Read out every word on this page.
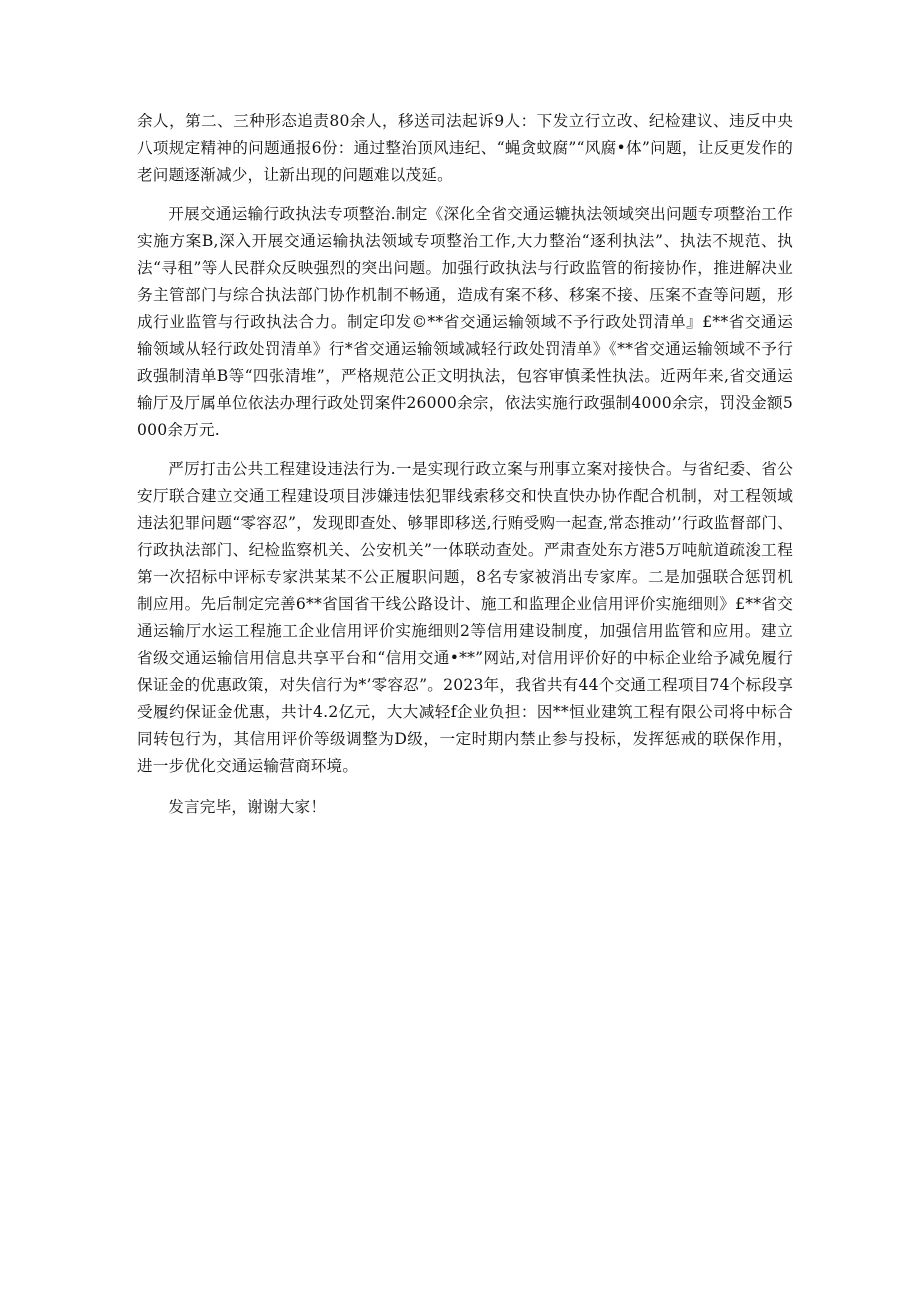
余人，第二、三种形态追责80余人，移送司法起诉9人：下发立行立改、纪检建议、违反中央八项规定精神的问题通报6份：通过整治顶风违纪、“蝇贪蚊腐”“风腐•体”问题，让反更发作的老问题逐渐减少，让新出现的问题难以茂延。

开展交通运输行政执法专项整治.制定《深化全省交通运辘执法领域突出问题专项整治工作实施方案B,深入开展交通运输执法领域专项整治工作,大力整治“逐利执法”、执法不规范、执法“寻租”等人民群众反映强烈的突出问题。加强行政执法与行政监管的衔接协作，推进解决业务主管部门与综合执法部门协作机制不畅通，造成有案不移、移案不接、压案不查等问题，形成行业监管与行政执法合力。制定印发©**省交通运输领域不予行政处罚清单』£**省交通运输领域从轻行政处罚清单》行*省交通运输领域减轻行政处罚清单》《**省交通运输领域不予行政强制清单B等“四张清堆”，严格规范公正文明执法，包容审慎柔性执法。近两年来,省交通运输厅及厅属单位依法办理行政处罚案件26000余宗，依法实施行政强制4000余宗，罚没金额5000余万元.

严厉打击公共工程建设违法行为.一是实现行政立案与刑事立案对接快合。与省纪委、省公安厅联合建立交通工程建设项目涉嫌违怯犯罪线索移交和快直快办协作配合机制，对工程领域违法犯罪问题“零容忍”，发现即查处、够罪即移送,行贿受购一起查,常态推动’’行政监督部门、行政执法部门、纪检监察机关、公安机关”一体联动查处。严肃查处东方港5万吨航道疏浚工程第一次招标中评标专家洪某某不公正履职问题，8名专家被消出专家库。二是加强联合惩罚机制应用。先后制定完善6**省国省干线公路设计、施工和监理企业信用评价实施细则》£**省交通运输厅水运工程施工企业信用评价实施细则2等信用建设制度，加强信用监管和应用。建立省级交通运输信用信息共享平台和“信用交通•**”网站,对信用评价好的中标企业给予减免履行保证金的优惠政策，对失信行为*’零容忍”。2023年，我省共有44个交通工程项目74个标段享受履约保证金优惠，共计4.2亿元，大大减轻f企业负担：因**恒业建筑工程有限公司将中标合同转包行为，其信用评价等级调整为D级，一定时期内禁止参与投标，发挥惩戒的联保作用，进一步优化交通运输营商环境。

发言完毕，谢谢大家！
